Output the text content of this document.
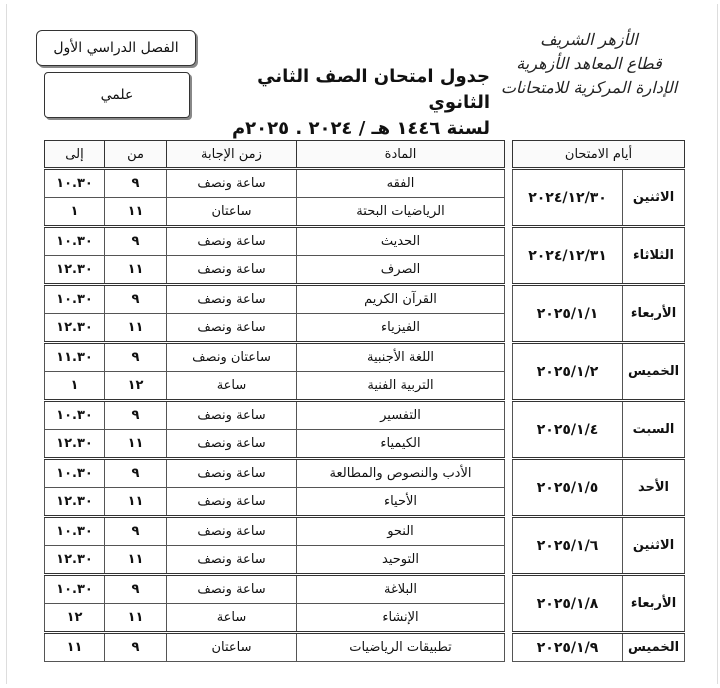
الفصل الدراسي الأول
علمي
جدول امتحان الصف الثاني الثانوي
لسنة ١٤٤٦ هـ / ٢٠٢٤ . ٢٠٢٥م
الأزهر الشريف
قطاع المعاهد الأزهرية
الإدارة المركزية للامتحانات
أيام الامتحان			المادة	زمن الإجابة	من	إلى
الاثنين	٢٠٢٤/١٢/٣٠		الفقه	ساعة ونصف	٩	١٠.٣٠
			الرياضيات البحتة	ساعتان	١١	١
الثلاثاء	٢٠٢٤/١٢/٣١		الحديث	ساعة ونصف	٩	١٠.٣٠
			الصرف	ساعة ونصف	١١	١٢.٣٠
الأربعاء	٢٠٢٥/١/١		القرآن الكريم	ساعة ونصف	٩	١٠.٣٠
			الفيزياء	ساعة ونصف	١١	١٢.٣٠
الخميس	٢٠٢٥/١/٢		اللغة الأجنبية	ساعتان ونصف	٩	١١.٣٠
			التربية الفنية	ساعة	١٢	١
السبت	٢٠٢٥/١/٤		التفسير	ساعة ونصف	٩	١٠.٣٠
			الكيمياء	ساعة ونصف	١١	١٢.٣٠
الأحد	٢٠٢٥/١/٥		الأدب والنصوص والمطالعة	ساعة ونصف	٩	١٠.٣٠
			الأحياء	ساعة ونصف	١١	١٢.٣٠
الاثنين	٢٠٢٥/١/٦		النحو	ساعة ونصف	٩	١٠.٣٠
			التوحيد	ساعة ونصف	١١	١٢.٣٠
الأربعاء	٢٠٢٥/١/٨		البلاغة	ساعة ونصف	٩	١٠.٣٠
			الإنشاء	ساعة	١١	١٢
الخميس	٢٠٢٥/١/٩		تطبيقات الرياضيات	ساعتان	٩	١١
